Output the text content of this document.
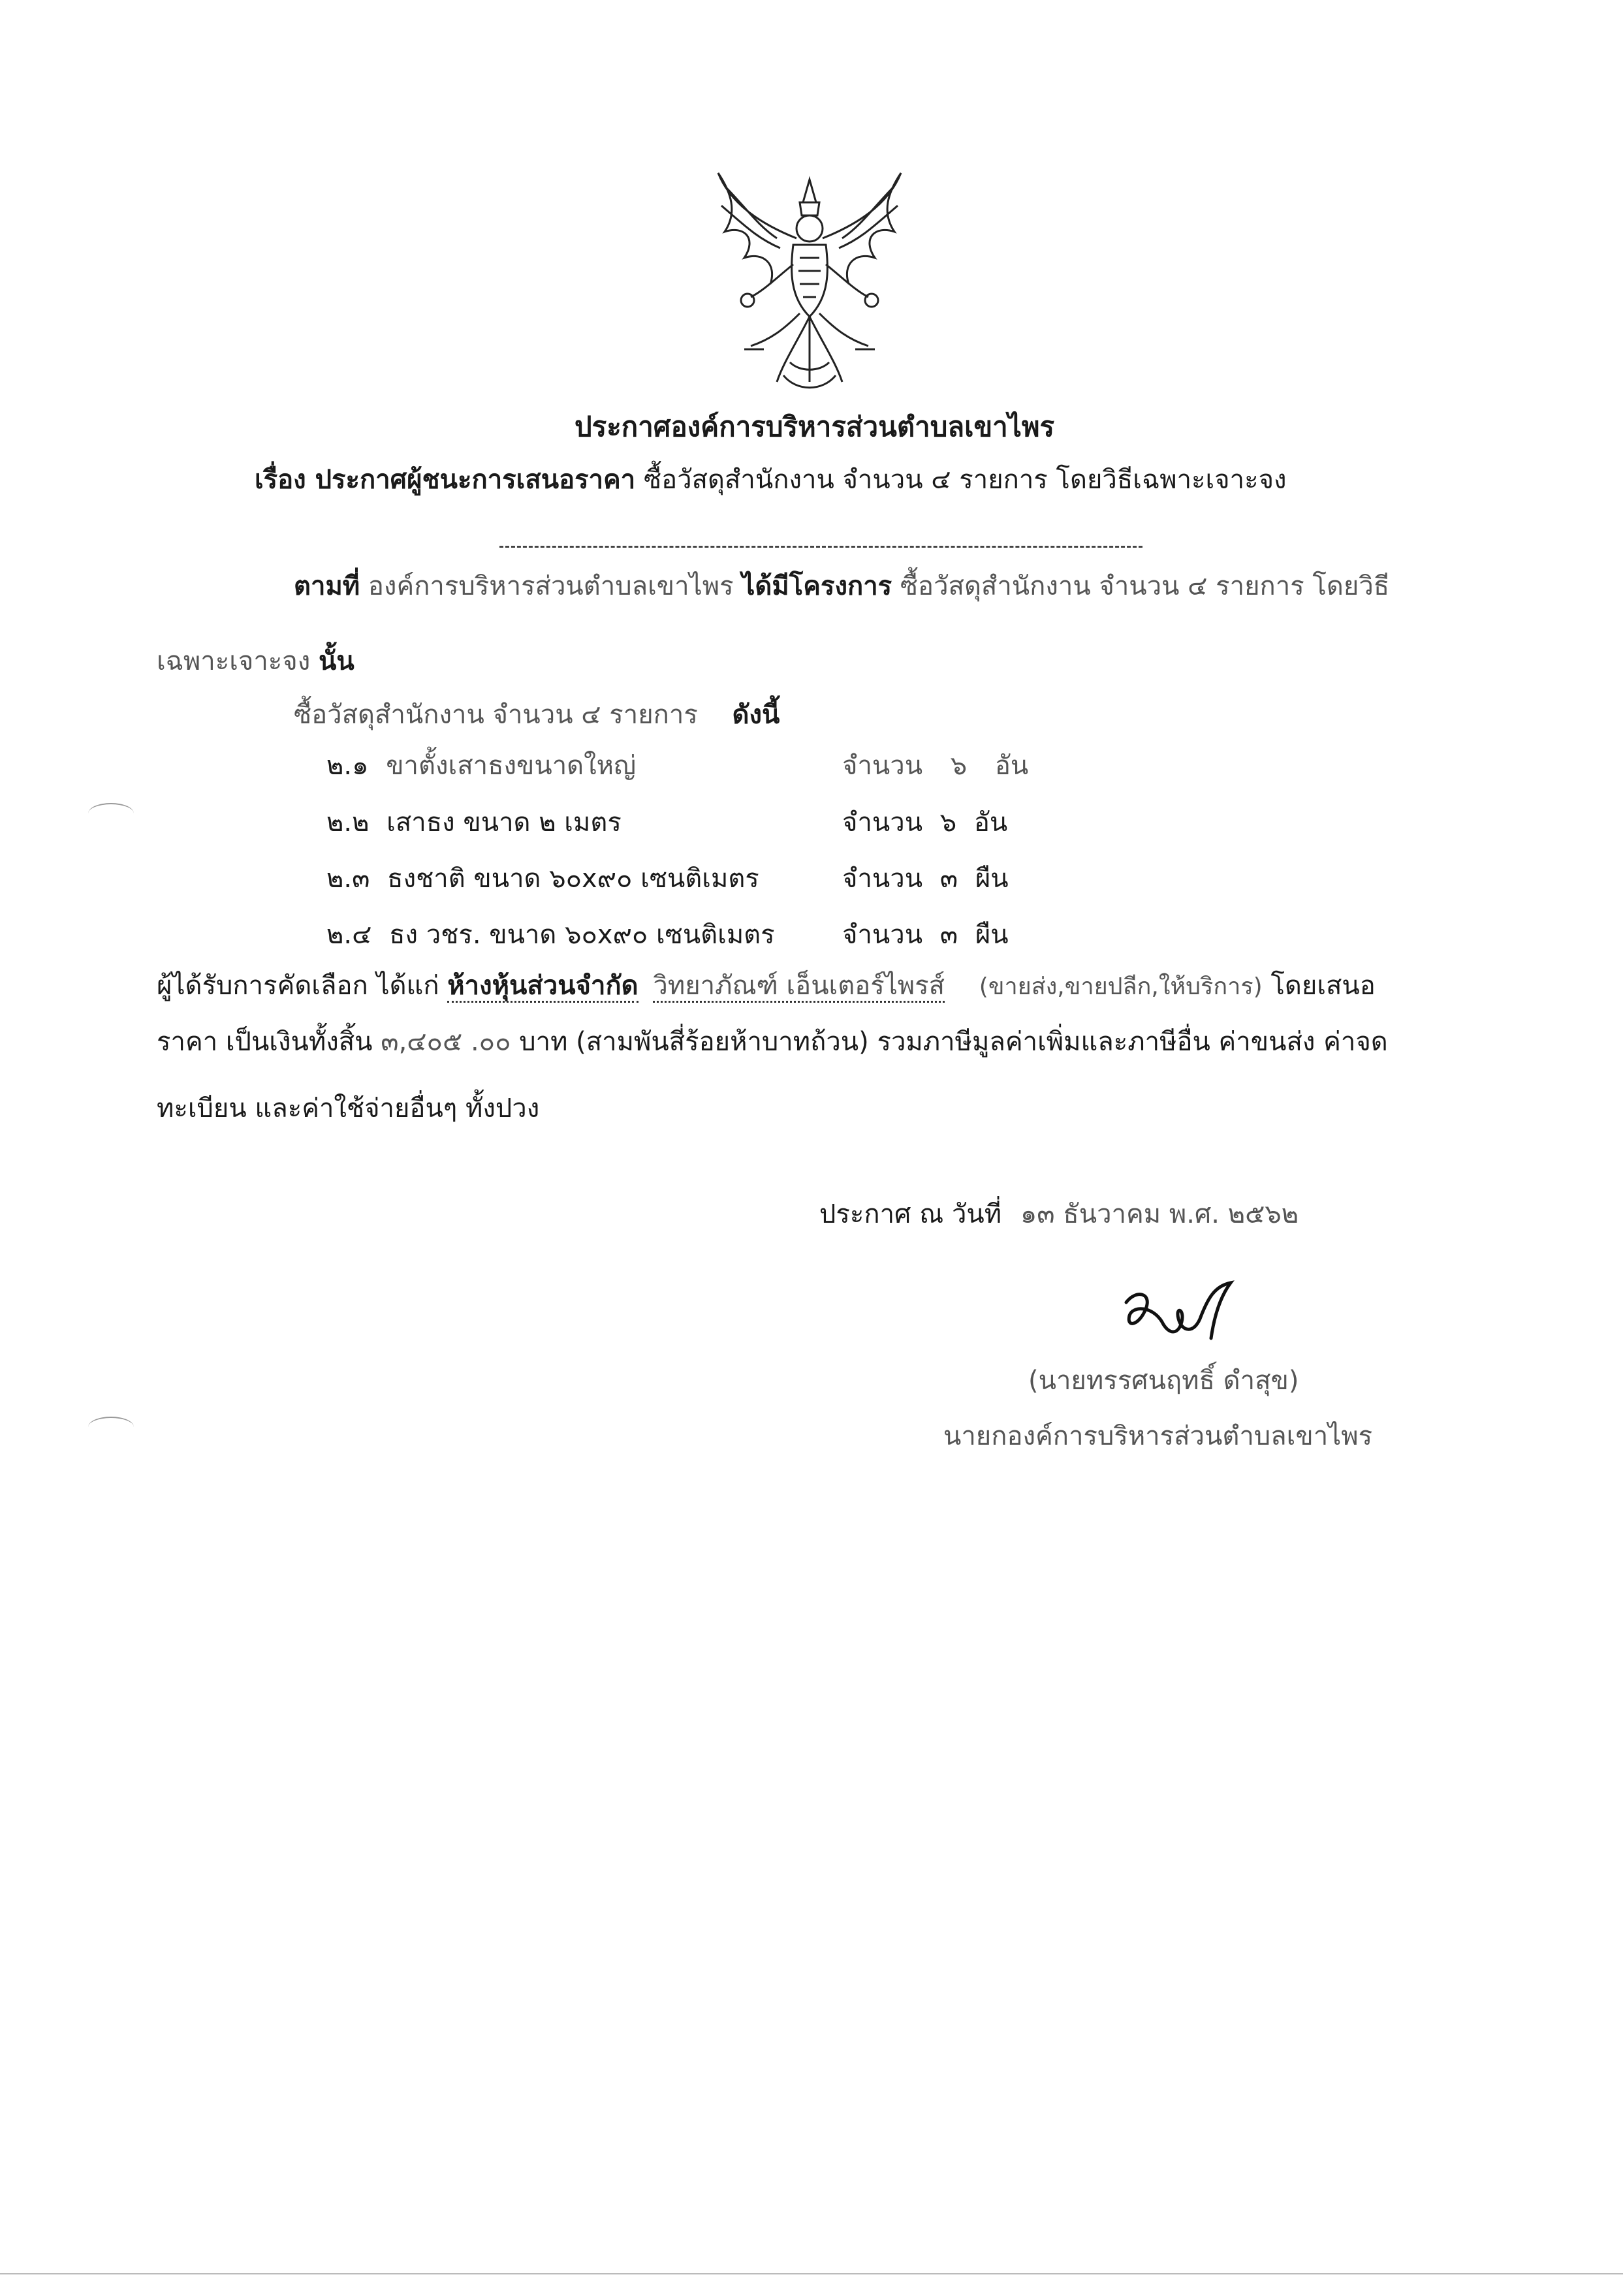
ประกาศองค์การบริหารส่วนตำบลเขาไพร
เรื่อง ประกาศผู้ชนะการเสนอราคา ซื้อวัสดุสำนักงาน จำนวน ๔ รายการ โดยวิธีเฉพาะเจาะจง
ตามที่ องค์การบริหารส่วนตำบลเขาไพร ได้มีโครงการ ซื้อวัสดุสำนักงาน จำนวน ๔ รายการ โดยวิธี
เฉพาะเจาะจง นั้น
ซื้อวัสดุสำนักงาน จำนวน ๔ รายการ ดังนี้
๒.๑ ขาตั้งเสาธงขนาดใหญ่	จำนวน ๖ อัน
๒.๒ เสาธง ขนาด ๒ เมตร	จำนวน ๖ อัน
๒.๓ ธงชาติ ขนาด ๖๐x๙๐ เซนติเมตร	จำนวน ๓ ผืน
๒.๔ ธง วชร. ขนาด ๖๐x๙๐ เซนติเมตร	จำนวน ๓ ผืน
ผู้ได้รับการคัดเลือก ได้แก่ ห้างหุ้นส่วนจำกัด วิทยาภัณฑ์ เอ็นเตอร์ไพรส์ (ขายส่ง,ขายปลีก,ให้บริการ) โดยเสนอ
ราคา เป็นเงินทั้งสิ้น ๓,๔๐๕ .๐๐ บาท (สามพันสี่ร้อยห้าบาทถ้วน) รวมภาษีมูลค่าเพิ่มและภาษีอื่น ค่าขนส่ง ค่าจด
ทะเบียน และค่าใช้จ่ายอื่นๆ ทั้งปวง
ประกาศ ณ วันที่ ๑๓ ธันวาคม พ.ศ. ๒๕๖๒
(นายทรรศนฤทธิ์ ดำสุข)
นายกองค์การบริหารส่วนตำบลเขาไพร
